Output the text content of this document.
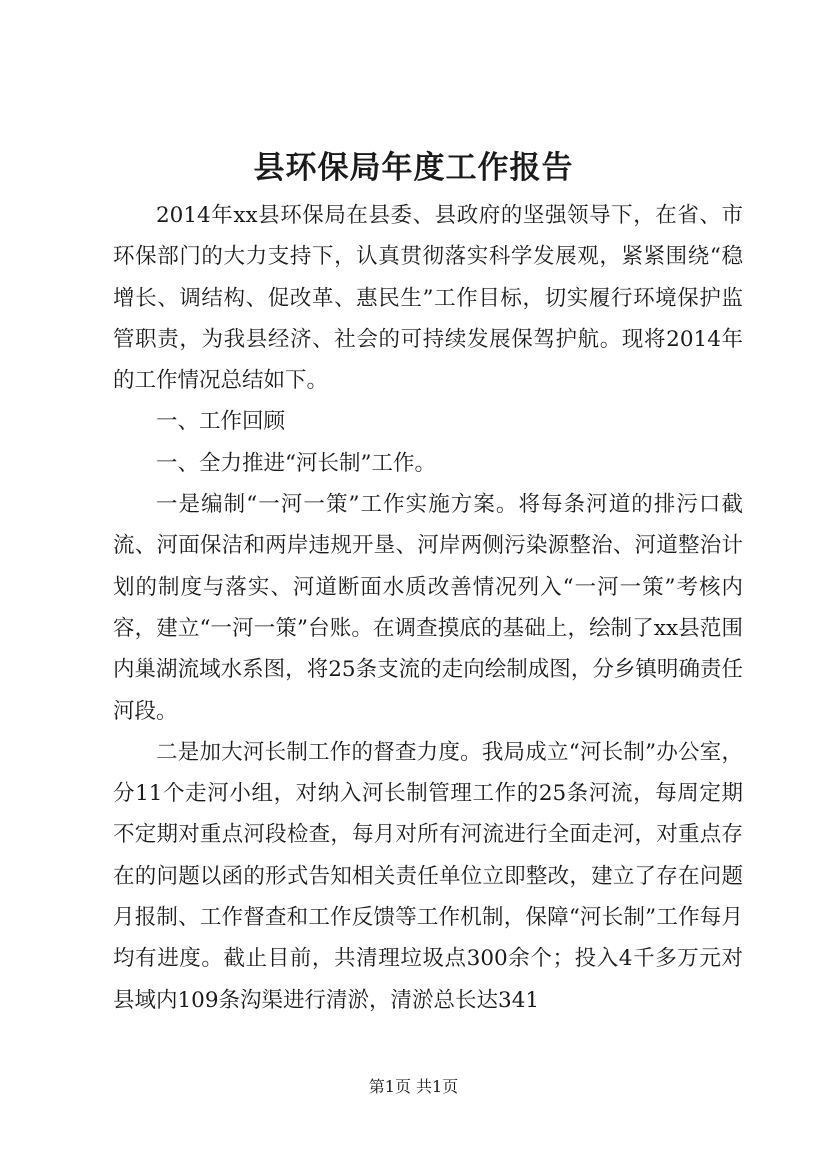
县环保局年度工作报告

2014年xx县环保局在县委、县政府的坚强领导下，在省、市环保部门的大力支持下，认真贯彻落实科学发展观，紧紧围绕“稳增长、调结构、促改革、惠民生”工作目标，切实履行环境保护监管职责，为我县经济、社会的可持续发展保驾护航。现将2014年的工作情况总结如下。

一、工作回顾

一、全力推进“河长制”工作。

一是编制“一河一策”工作实施方案。将每条河道的排污口截流、河面保洁和两岸违规开垦、河岸两侧污染源整治、河道整治计划的制度与落实、河道断面水质改善情况列入“一河一策”考核内容，建立“一河一策”台账。在调查摸底的基础上，绘制了xx县范围内巢湖流域水系图，将25条支流的走向绘制成图，分乡镇明确责任河段。

二是加大河长制工作的督查力度。我局成立“河长制”办公室，分11个走河小组，对纳入河长制管理工作的25条河流，每周定期不定期对重点河段检查，每月对所有河流进行全面走河，对重点存在的问题以函的形式告知相关责任单位立即整改，建立了存在问题月报制、工作督查和工作反馈等工作机制，保障“河长制”工作每月均有进度。截止目前，共清理垃圾点300余个；投入4千多万元对县域内109条沟渠进行清淤，清淤总长达341

第1页 共1页
